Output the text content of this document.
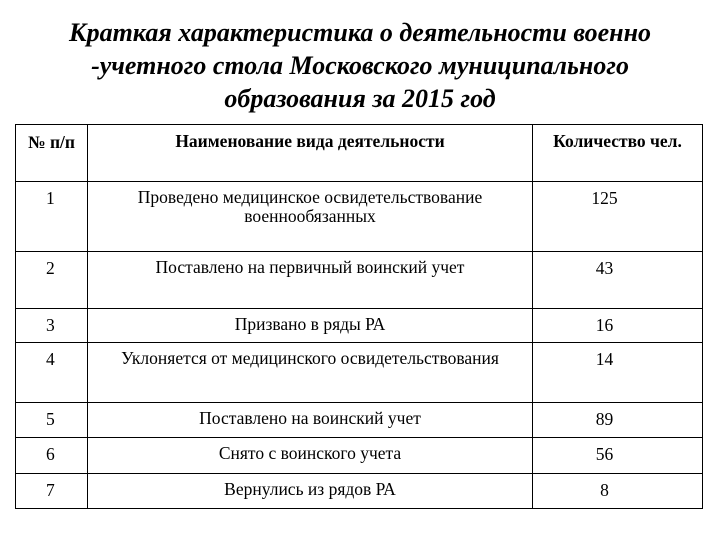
Краткая характеристика о деятельности военно
-учетного стола Московского муниципального
образования за 2015 год
№ п/п	Наименование вида деятельности	Количество чел.
1	Проведено медицинское освидетельствование военнообязанных	125
2	Поставлено на первичный воинский учет	43
3	Призвано в ряды РА	16
4	Уклоняется от медицинского освидетельствования	14
5	Поставлено на воинский учет	89
6	Снято с воинского учета	56
7	Вернулись из рядов РА	8
